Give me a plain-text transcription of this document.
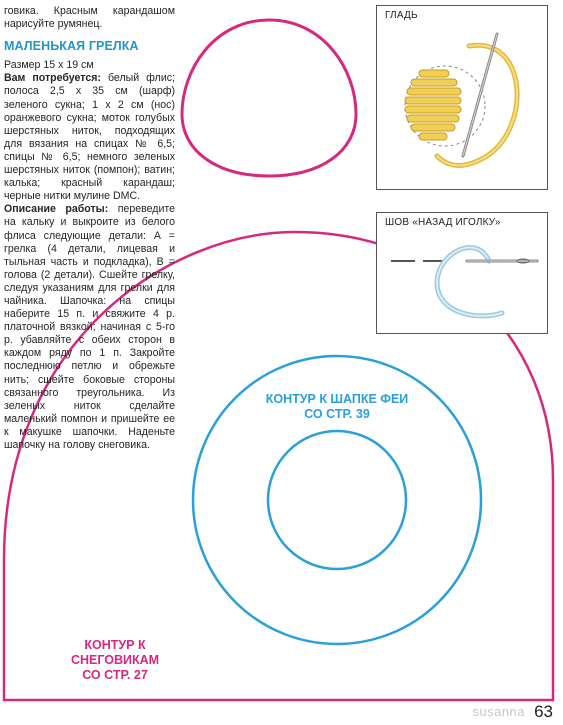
говика. Красным карандашом нарисуйте румянец.

МАЛЕНЬКАЯ ГРЕЛКА

Размер 15 х 19 см

Вам потребуется: белый флис; полоса 2,5 х 35 см (шарф) зеленого сукна; 1 х 2 см (нос) оранжевого сукна; моток голубых шерстяных ниток, подходящих для вязания на спицах № 6,5; спицы № 6,5; немного зеленых шерстяных ниток (помпон); ватин; калька; красный карандаш; черные нитки мулине DMC.

Описание работы: переведите на кальку и выкроите из белого флиса следующие детали: А = грелка (4 детали, лицевая и тыльная часть и подкладка), В = голова (2 детали). Сшейте грелку, следуя указаниям для грелки для чайника. Шапочка: на спицы наберите 15 п. и свяжите 4 р. платочной вязкой; начиная с 5-го р. убавляйте с обеих сторон в каждом ряду по 1 п. Закройте последнюю петлю и обрежьте нить; сшейте боковые стороны связанного треугольника. Из зеленых ниток сделайте маленький помпон и пришейте ее к макушке шапочки. Наденьте шапочку на голову снеговика.

ГЛАДЬ
ШОВ «НАЗАД ИГОЛКУ»
КОНТУР К ШАПКЕ ФЕИ
СО СТР. 39
КОНТУР К
СНЕГОВИКАМ
СО СТР. 27
susanna 63
